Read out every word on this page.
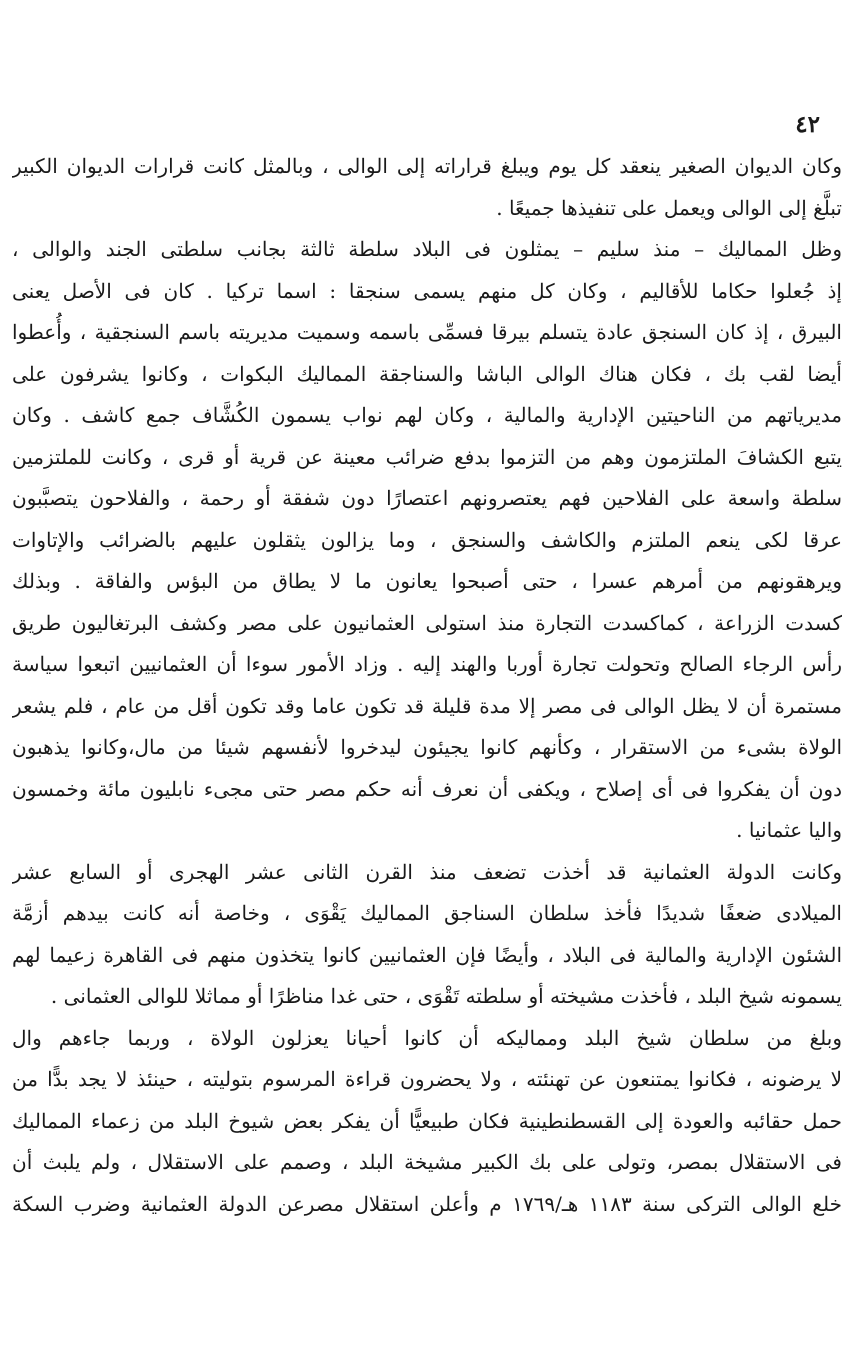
٤٢
وكان الديوان الصغير ينعقد كل يوم ويبلغ قراراته إلى الوالى ، وبالمثل كانت قرارات الديوان الكبير
تبلَّغ إلى الوالى ويعمل على تنفيذها جميعًا .
وظل المماليك – منذ سليم – يمثلون فى البلاد سلطة ثالثة بجانب سلطتى الجند والوالى ،
إذ جُعلوا حكاما للأقاليم ، وكان كل منهم يسمى سنجقا : اسما تركيا . كان فى الأصل يعنى
البيرق ، إذ كان السنجق عادة يتسلم بيرقا فسمِّى باسمه وسميت مديريته باسم السنجقية ، وأُعطوا
أيضا لقب بك ، فكان هناك الوالى الباشا والسناجقة المماليك البكوات ، وكانوا يشرفون على
مديرياتهم من الناحيتين الإدارية والمالية ، وكان لهم نواب يسمون الكُشَّاف جمع كاشف . وكان
يتبع الكشافَ الملتزمون وهم من التزموا بدفع ضرائب معينة عن قرية أو قرى ، وكانت للملتزمين
سلطة واسعة على الفلاحين فهم يعتصرونهم اعتصارًا دون شفقة أو رحمة ، والفلاحون يتصبَّبون
عرقا لكى ينعم الملتزم والكاشف والسنجق ، وما يزالون يثقلون عليهم بالضرائب والإتاوات
ويرهقونهم من أمرهم عسرا ، حتى أصبحوا يعانون ما لا يطاق من البؤس والفاقة . وبذلك
كسدت الزراعة ، كماكسدت التجارة منذ استولى العثمانيون على مصر وكشف البرتغاليون طريق
رأس الرجاء الصالح وتحولت تجارة أوربا والهند إليه . وزاد الأمور سوءا أن العثمانيين اتبعوا سياسة
مستمرة أن لا يظل الوالى فى مصر إلا مدة قليلة قد تكون عاما وقد تكون أقل من عام ، فلم يشعر
الولاة بشىء من الاستقرار ، وكأنهم كانوا يجيئون ليدخروا لأنفسهم شيئا من مال،وكانوا يذهبون
دون أن يفكروا فى أى إصلاح ، ويكفى أن نعرف أنه حكم مصر حتى مجىء نابليون مائة وخمسون
واليا عثمانيا .
وكانت الدولة العثمانية قد أخذت تضعف منذ القرن الثانى عشر الهجرى أو السابع عشر
الميلادى ضعفًا شديدًا فأخذ سلطان السناجق المماليك يَقْوَى ، وخاصة أنه كانت بيدهم أزمَّة
الشئون الإدارية والمالية فى البلاد ، وأيضًا فإن العثمانيين كانوا يتخذون منهم فى القاهرة زعيما لهم
يسمونه شيخ البلد ، فأخذت مشيخته أو سلطته تَقْوَى ، حتى غدا مناظرًا أو مماثلا للوالى العثمانى .
وبلغ من سلطان شيخ البلد ومماليكه أن كانوا أحيانا يعزلون الولاة ، وربما جاءهم وال
لا يرضونه ، فكانوا يمتنعون عن تهنئته ، ولا يحضرون قراءة المرسوم بتوليته ، حينئذ لا يجد بدًّا من
حمل حقائبه والعودة إلى القسطنطينية فكان طبيعيًّا أن يفكر بعض شيوخ البلد من زعماء المماليك
فى الاستقلال بمصر، وتولى على بك الكبير مشيخة البلد ، وصمم على الاستقلال ، ولم يلبث أن
خلع الوالى التركى سنة ١١٨٣ هـ/١٧٦٩ م وأعلن استقلال مصرعن الدولة العثمانية وضرب السكة
